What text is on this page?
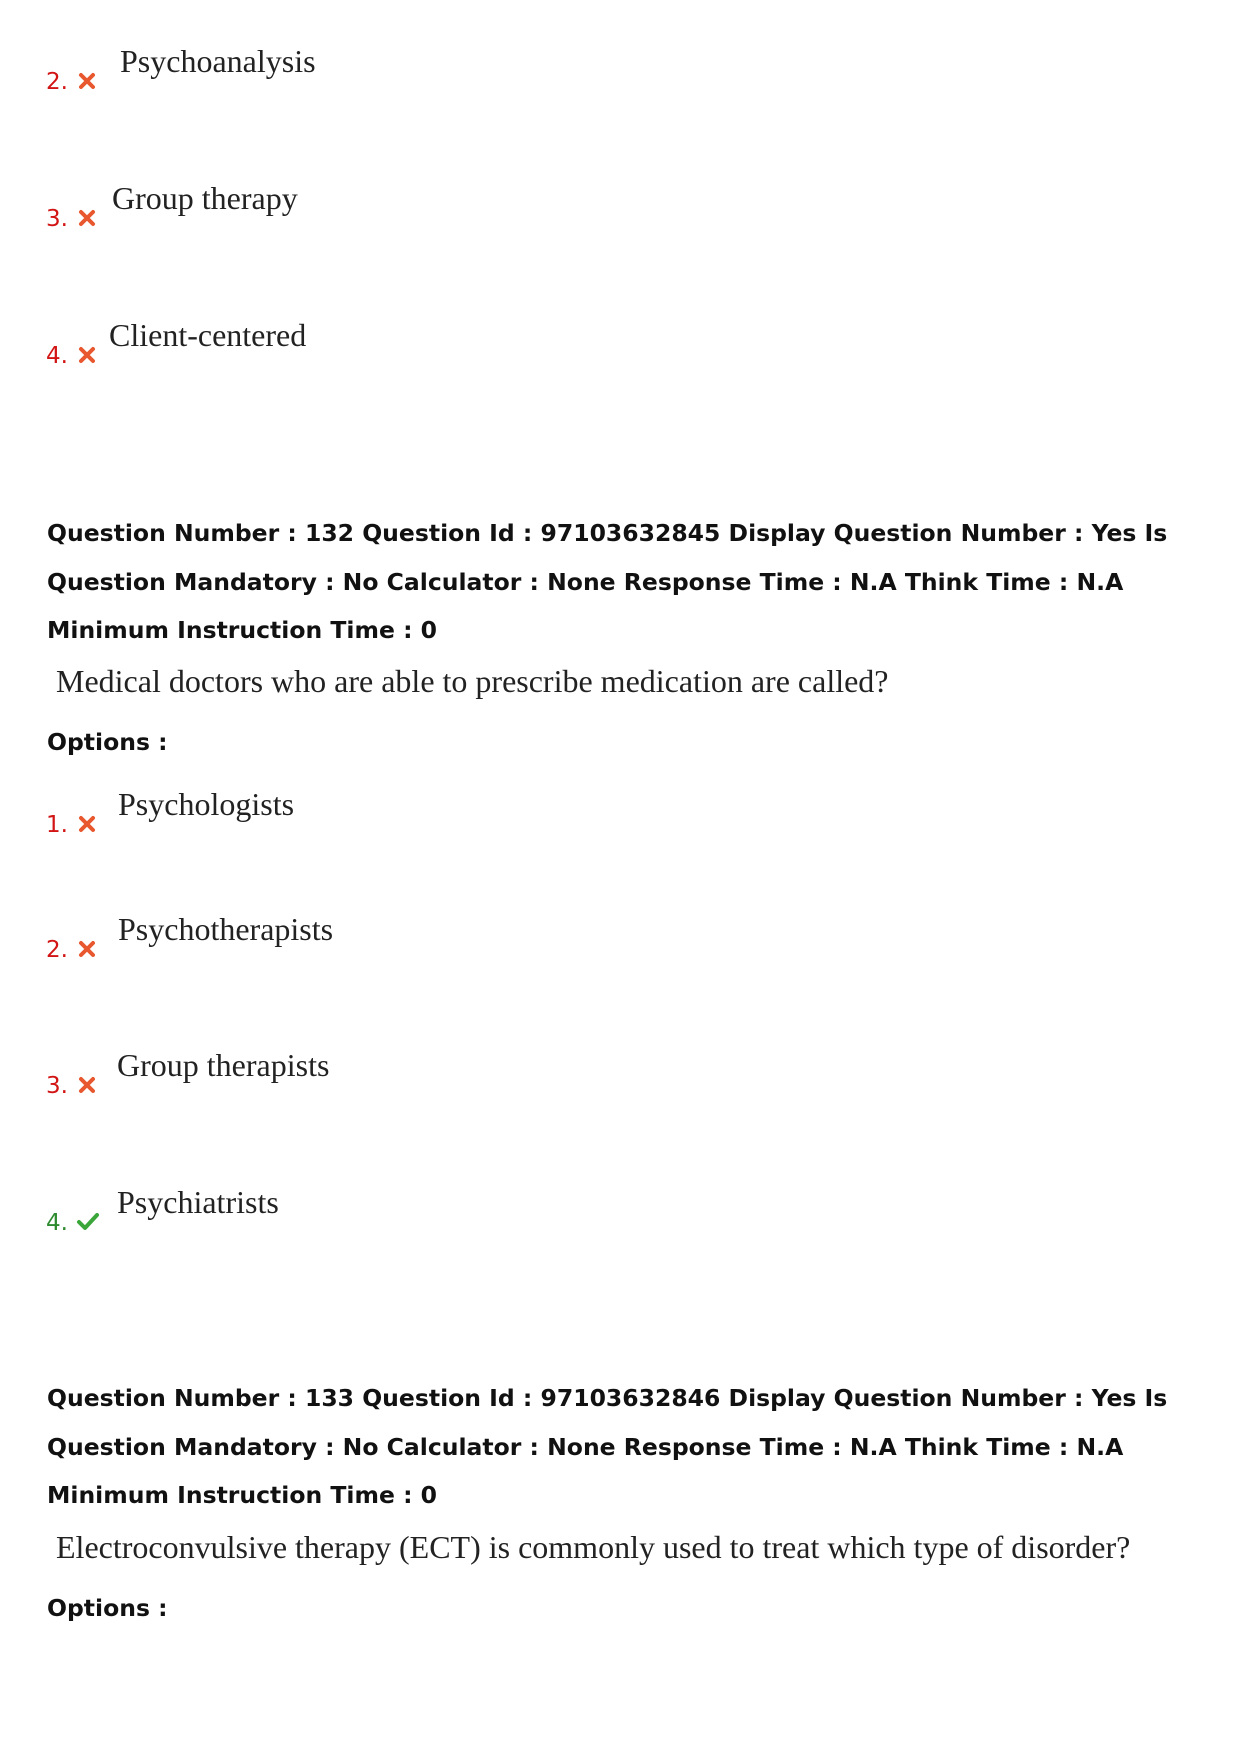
2.
Psychoanalysis
3.
Group therapy
4.
Client-centered
Question Number : 132 Question Id : 97103632845 Display Question Number : Yes Is Question Mandatory : No Calculator : None Response Time : N.A Think Time : N.A Minimum Instruction Time : 0
Medical doctors who are able to prescribe medication are called?
Options :
1.
Psychologists
2.
Psychotherapists
3.
Group therapists
4.
Psychiatrists
Question Number : 133 Question Id : 97103632846 Display Question Number : Yes Is Question Mandatory : No Calculator : None Response Time : N.A Think Time : N.A Minimum Instruction Time : 0
Electroconvulsive therapy (ECT) is commonly used to treat which type of disorder?
Options :
